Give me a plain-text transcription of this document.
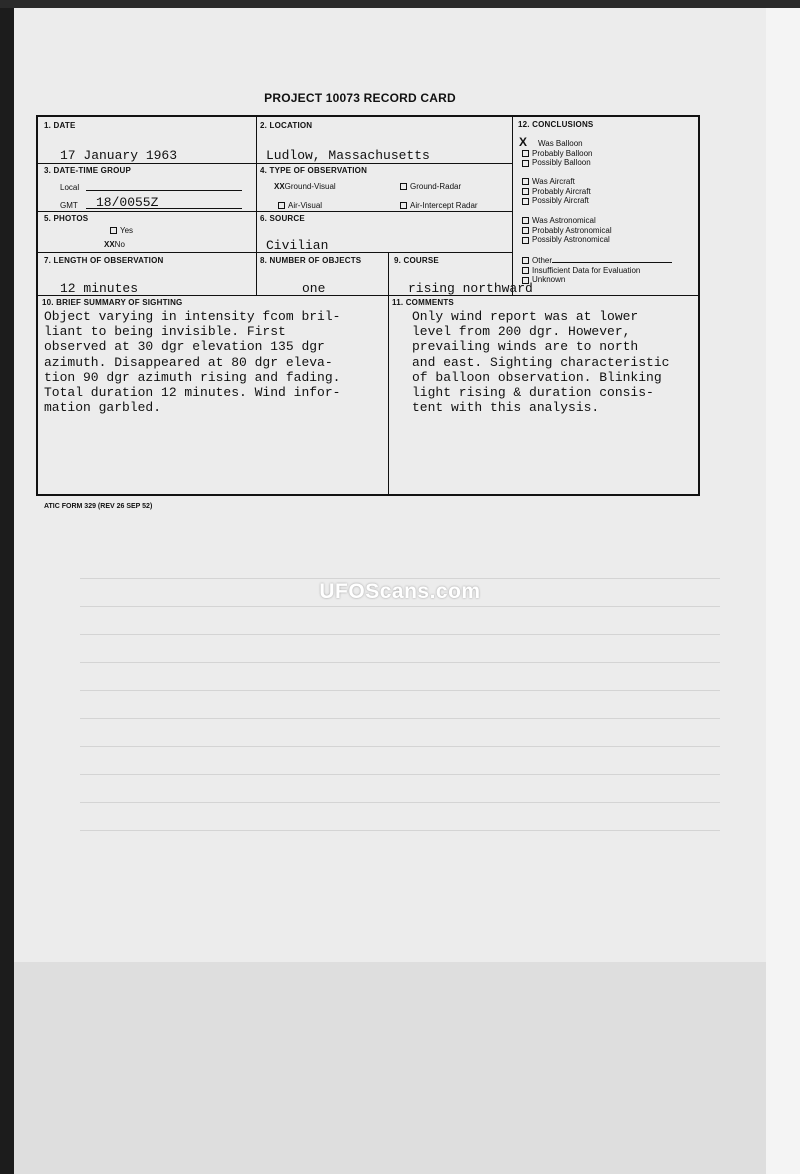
PROJECT 10073 RECORD CARD
1. DATE
17 January 1963
2. LOCATION
Ludlow, Massachusetts
3. DATE-TIME GROUP
Local
GMT 18/0055Z
4. TYPE OF OBSERVATION
XXGround-Visual	Ground-Radar
Air-Visual	Air-Intercept Radar
5. PHOTOS
Yes
XXNo
6. SOURCE
Civilian
7. LENGTH OF OBSERVATION
12 minutes
8. NUMBER OF OBJECTS
one
9. COURSE
rising northward
10. BRIEF SUMMARY OF SIGHTING
Object varying in intensity fcom bril-
liant to being invisible. First
observed at 30 dgr elevation 135 dgr
azimuth. Disappeared at 80 dgr eleva-
tion 90 dgr azimuth rising and fading.
Total duration 12 minutes. Wind infor-
mation garbled.
11. COMMENTS
Only wind report was at lower
level from 200 dgr. However,
prevailing winds are to north
and east. Sighting characteristic
of balloon observation. Blinking
light rising & duration consis-
tent with this analysis.
12. CONCLUSIONS
X	Was Balloon
Probably Balloon
Possibly Balloon
Was Aircraft
Probably Aircraft
Possibly Aircraft
Was Astronomical
Probably Astronomical
Possibly Astronomical
Other
Insufficient Data for Evaluation
Unknown
ATIC FORM 329 (REV 26 SEP 52)
UFOScans.com
